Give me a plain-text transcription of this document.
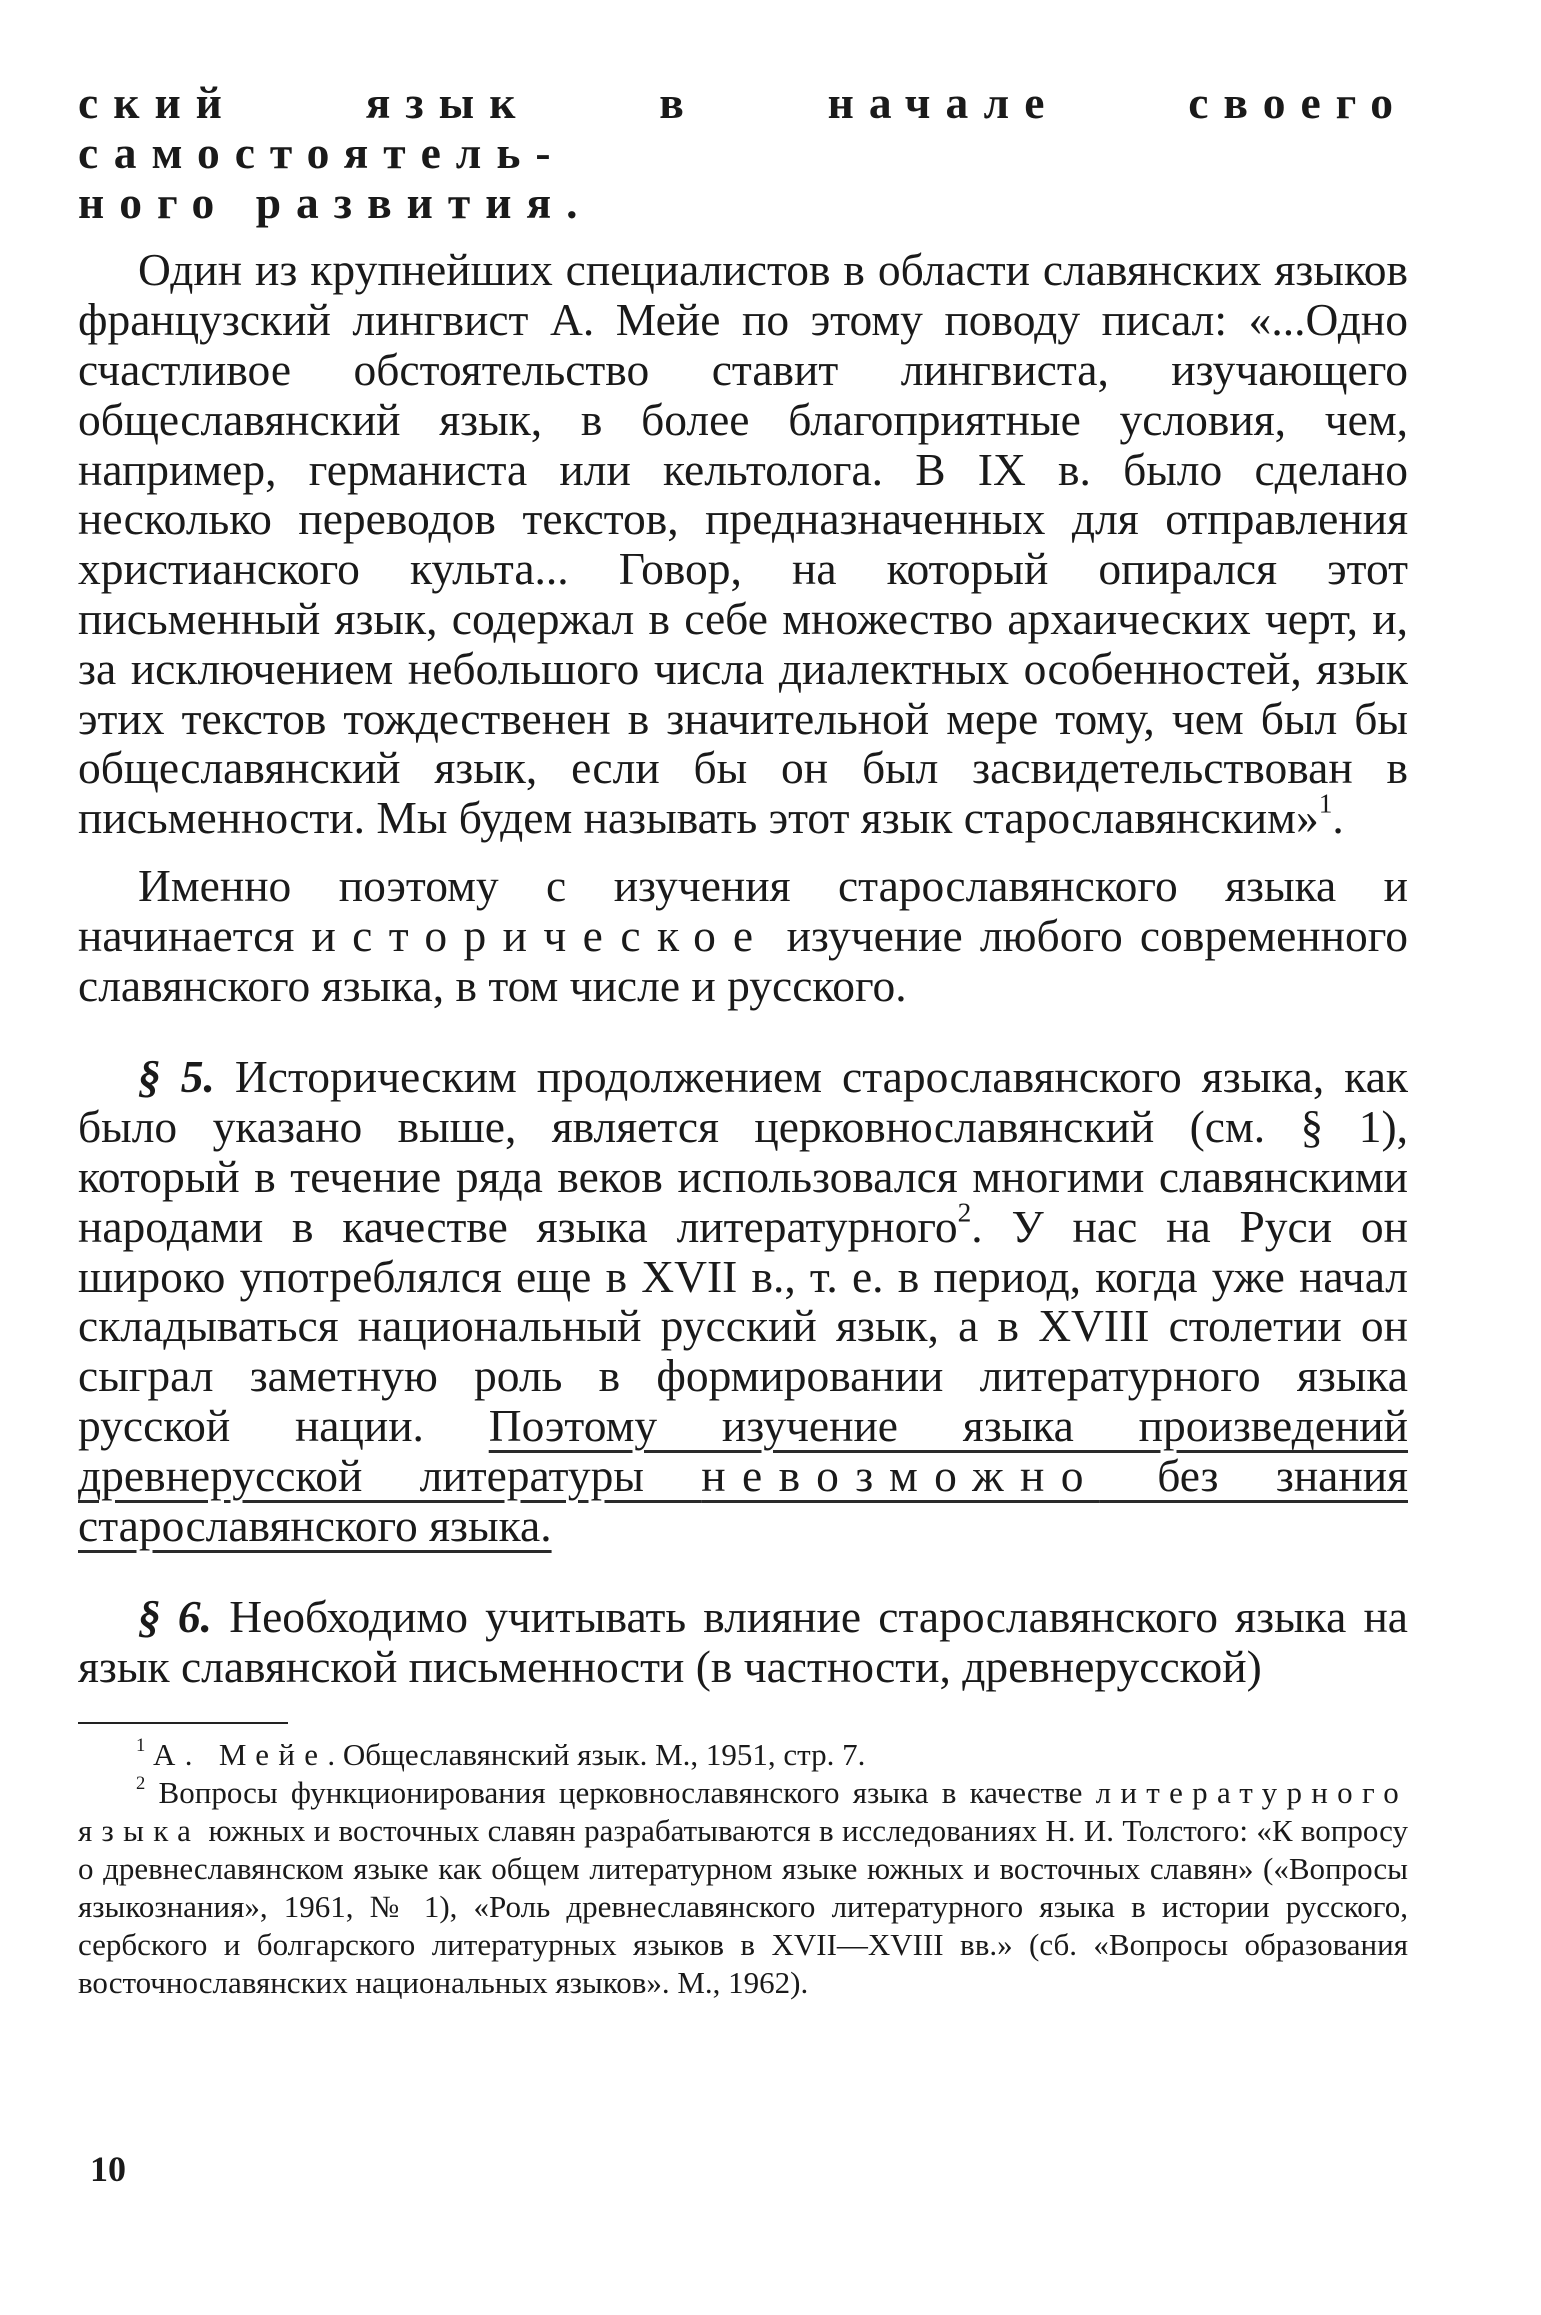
ский язык в начале своего самостоятель-
ного развития.

Один из крупнейших специалистов в области славянских языков французский лингвист А. Мейе по этому поводу писал: «...Одно счастливое обстоятельство ставит лингвиста, изучающего общеславянский язык, в более благоприятные условия, чем, например, германиста или кельтолога. В IX в. было сделано несколько переводов текстов, предназначенных для отправления христианского культа... Говор, на который опирался этот письменный язык, содержал в себе множество архаических черт, и, за исключением небольшого числа диалектных особенностей, язык этих текстов тождественен в значительной мере тому, чем был бы общеславянский язык, если бы он был засвидетельствован в письменности. Мы будем называть этот язык старославянским»$^1$.

Именно поэтому с изучения старославянского языка и начинается историческое изучение любого современного славянского языка, в том числе и русского.

§ 5. Историческим продолжением старославянского языка, как было указано выше, является церковнославянский (см. § 1), который в течение ряда веков использовался многими славянскими народами в качестве языка литературного$^2$. У нас на Руси он широко употреблялся еще в XVII в., т. е. в период, когда уже начал складываться национальный русский язык, а в XVIII столетии он сыграл заметную роль в формировании литературного языка русской нации. Поэтому изучение языка произведений древнерусской литературы невозможно без знания старославянского языка.

§ 6. Необходимо учитывать влияние старославянского языка на язык славянской письменности (в частности, древнерусской)

$^1$ А. Мейе. Общеславянский язык. М., 1951, стр. 7.

$^2$ Вопросы функционирования церковнославянского языка в качестве литературного языка южных и восточных славян разрабатываются в исследованиях Н. И. Толстого: «К вопросу о древнеславянском языке как общем литературном языке южных и восточных славян» («Вопросы языкознания», 1961, № 1), «Роль древнеславянского литературного языка в истории русского, сербского и болгарского литературных языков в XVII—XVIII вв.» (сб. «Вопросы образования восточнославянских национальных языков». М., 1962).

10
